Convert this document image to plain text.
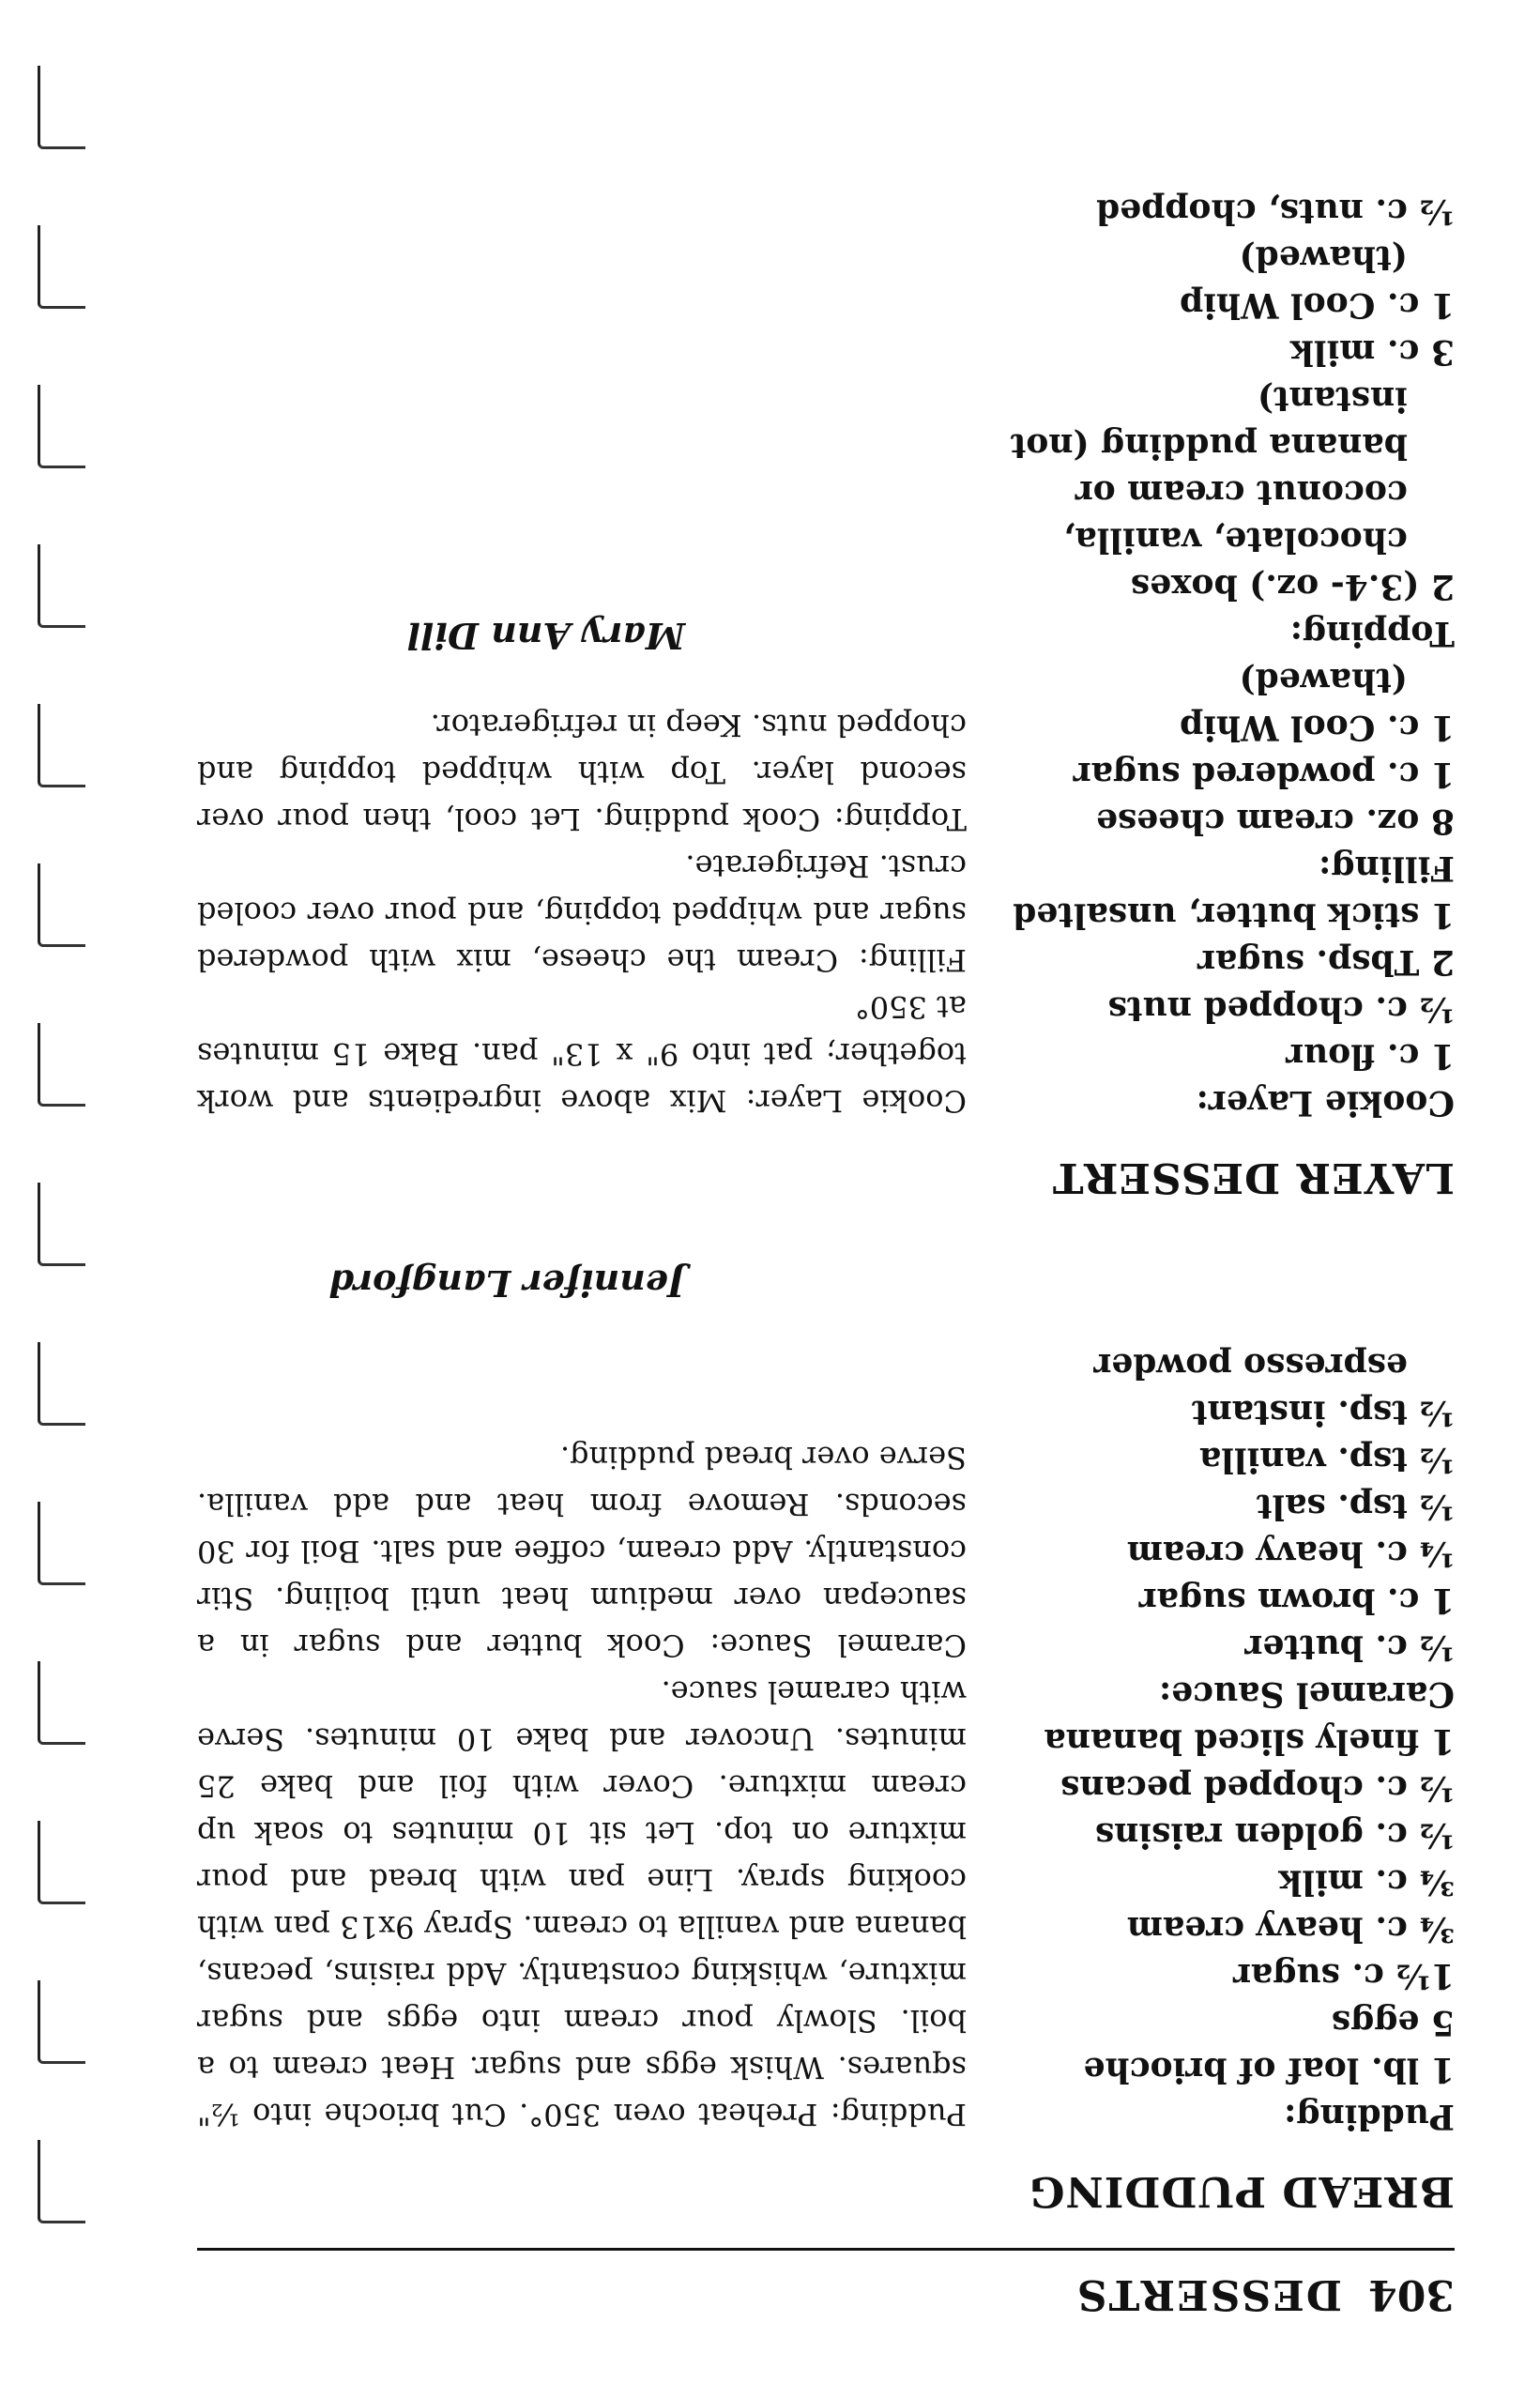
304
DESSERTS
BREAD PUDDING
Pudding:
1 lb. loaf of brioche
5 eggs
1½ c. sugar
¾ c. heavy cream
¾ c. milk
½ c. golden raisins
½ c. chopped pecans
1 finely sliced banana
Caramel Sauce:
½ c. butter
1 c. brown sugar
¼ c. heavy cream
½ tsp. salt
½ tsp. vanilla
½ tsp. instant
espresso powder

Pudding: Preheat oven 350°. Cut brioche into ½" squares. Whisk eggs and sugar. Heat cream to a boil. Slowly pour cream into eggs and sugar mixture, whisking constantly. Add raisins, pecans, banana and vanilla to cream. Spray 9x13 pan with cooking spray. Line pan with bread and pour mixture on top. Let sit 10 minutes to soak up cream mixture. Cover with foil and bake 25 minutes. Uncover and bake 10 minutes. Serve with caramel sauce.

Caramel Sauce: Cook butter and sugar in a saucepan over medium heat until boiling. Stir constantly. Add cream, coffee and salt. Boil for 30 seconds. Remove from heat and add vanilla. Serve over bread pudding.

Jennifer Langford
LAYER DESSERT
Cookie Layer:
1 c. flour
½ c. chopped nuts
2 Tbsp. sugar
1 stick butter, unsalted
Filling:
8 oz. cream cheese
1 c. powdered sugar
1 c. Cool Whip
(thawed)
Topping:
2 (3.4- oz.) boxes
chocolate, vanilla,
coconut cream or
banana pudding (not
instant)
3 c. milk
1 c. Cool Whip
(thawed)
½ c. nuts, chopped

Cookie Layer: Mix above ingredients and work together; pat into 9" x 13" pan. Bake 15 minutes at 350°

Filling: Cream the cheese, mix with powdered sugar and whipped topping, and pour over cooled crust. Refrigerate.

Topping: Cook pudding. Let cool, then pour over second layer. Top with whipped topping and chopped nuts. Keep in refrigerator.

Mary Ann Dill
